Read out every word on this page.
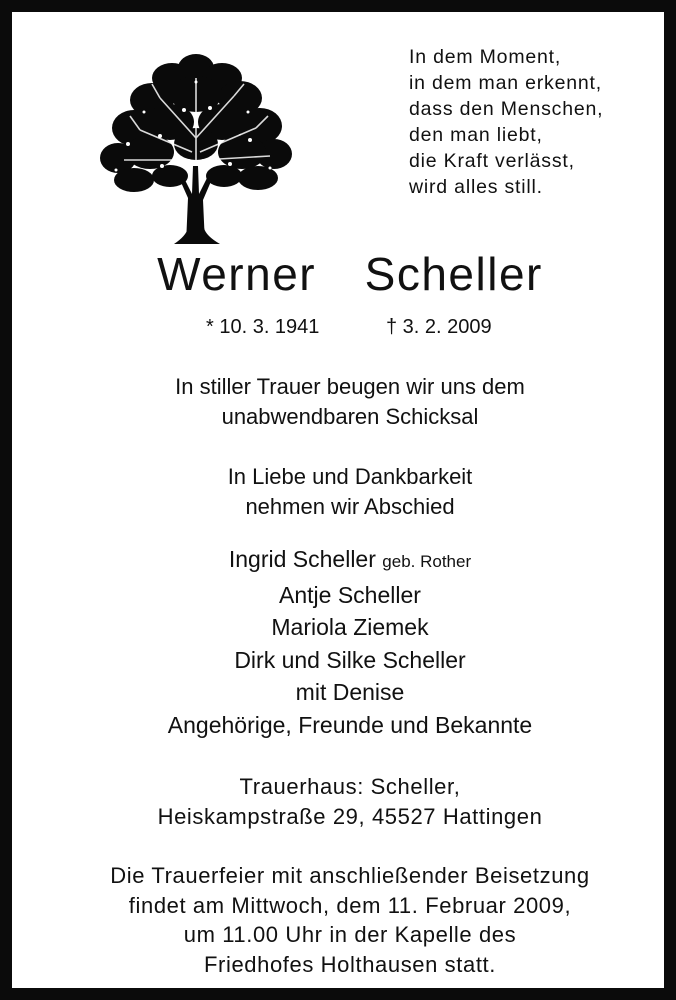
In dem Moment,
in dem man erkennt,
dass den Menschen,
den man liebt,
die Kraft verlässt,
wird alles still.
Werner  Scheller
* 10. 3. 1941	† 3. 2. 2009
In stiller Trauer beugen wir uns dem
unabwendbaren Schicksal
In Liebe und Dankbarkeit
nehmen wir Abschied
Ingrid Scheller geb. Rother
Antje Scheller
Mariola Ziemek
Dirk und Silke Scheller
mit Denise
Angehörige, Freunde und Bekannte
Trauerhaus: Scheller,
Heiskampstraße 29, 45527 Hattingen
Die Trauerfeier mit anschließender Beisetzung
findet am Mittwoch, dem 11. Februar 2009,
um 11.00 Uhr in der Kapelle des
Friedhofes Holthausen statt.
